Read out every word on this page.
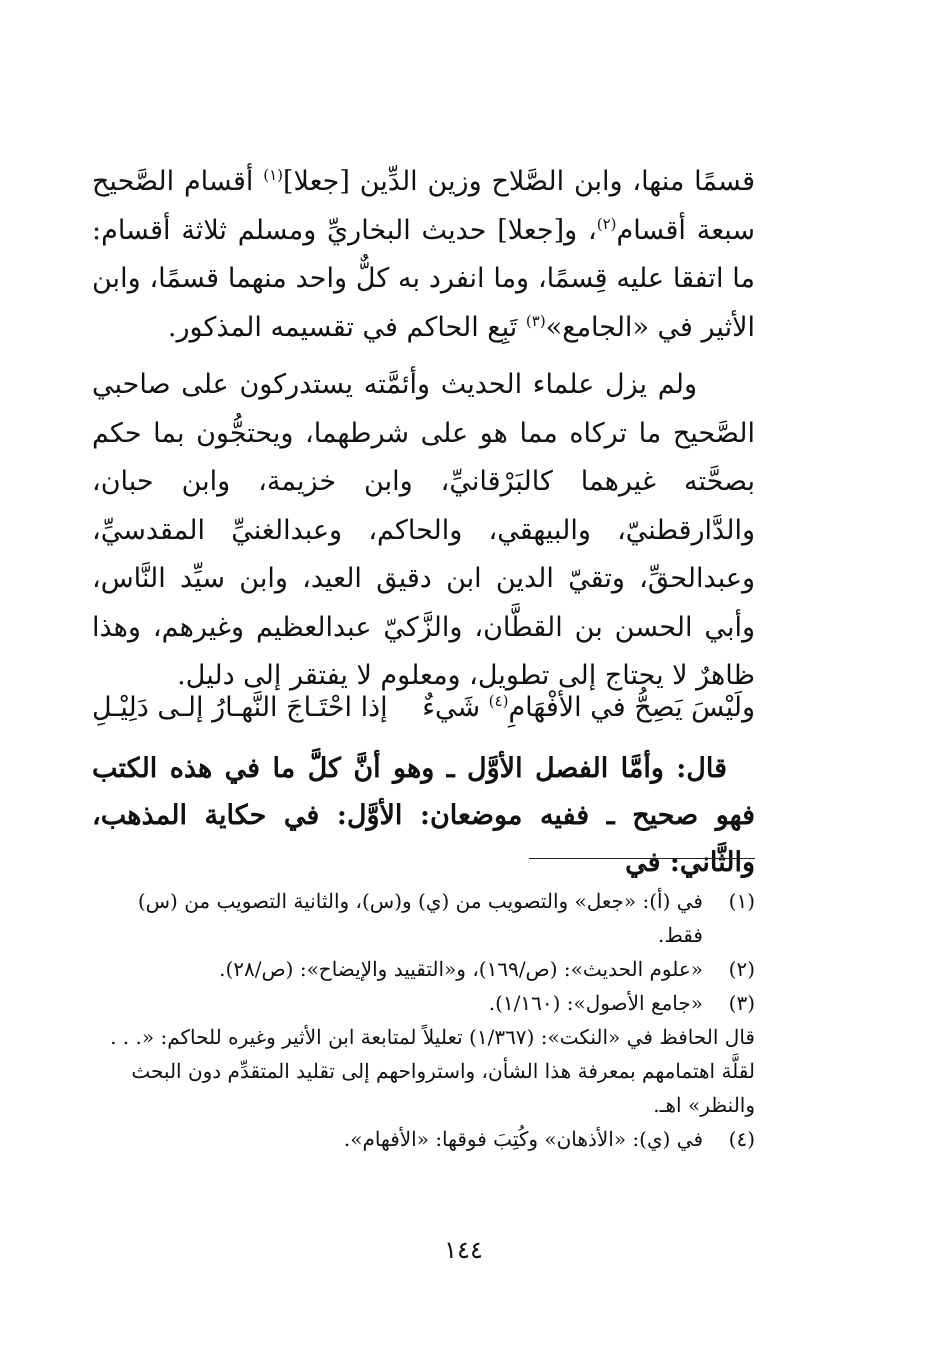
قسمًا منها، وابن الصَّلاح وزين الدِّين [جعلا]$^{(١)}$ أقسام الصَّحيح سبعة أقسام$^{(٢)}$، و[جعلا] حديث البخاريِّ ومسلم ثلاثة أقسام: ما اتفقا عليه قِسمًا، وما انفرد به كلٌّ واحد منهما قسمًا، وابن الأثير في «الجامع»$^{(٣)}$ تَبِع الحاكم في تقسيمه المذكور.

ولم يزل علماء الحديث وأئمَّته يستدركون على صاحبي الصَّحيح ما تركاه مما هو على شرطهما، ويحتجُّون بما حكم بصحَّته غيرهما كالبَرْقانيِّ، وابن خزيمة، وابن حبان، والدَّارقطنيّ، والبيهقي، والحاكم، وعبدالغنيِّ المقدسيِّ، وعبدالحقِّ، وتقيّ الدين ابن دقيق العيد، وابن سيِّد النَّاس، وأبي الحسن بن القطَّان، والزَّكيّ عبدالعظيم وغيرهم، وهذا ظاهرٌ لا يحتاج إلى تطويل، ومعلوم لا يفتقر إلى دليل.

ولَيْسَ يَصِحُّ في الأفْهَامِ$^{(٤)}$ شَيءٌ
إذا احْتَـاجَ النَّهـارُ إلـى دَلِيْـلِ

قال: وأمَّا الفصل الأوَّل ـ وهو أنَّ كلَّ ما في هذه الكتب فهو صحيح ـ ففيه موضعان: الأوَّل: في حكاية المذهب، والثَّاني: في

(١)
في (أ): «جعل» والتصويب من (ي) و(س)، والثانية التصويب من (س) فقط.
(٢)
«علوم الحديث»: (ص/١٦٩)، و«التقييد والإيضاح»: (ص/٢٨).
(٣)
«جامع الأصول»: (١/١٦٠).
قال الحافظ في «النكت»: (١/٣٦٧) تعليلاً لمتابعة ابن الأثير وغيره للحاكم: «. . . لقلَّة اهتمامهم بمعرفة هذا الشأن، واسترواحهم إلى تقليد المتقدِّم دون البحث والنظر» اهـ.
(٤)
في (ي): «الأذهان» وكُتِبَ فوقها: «الأفهام».
١٤٤
